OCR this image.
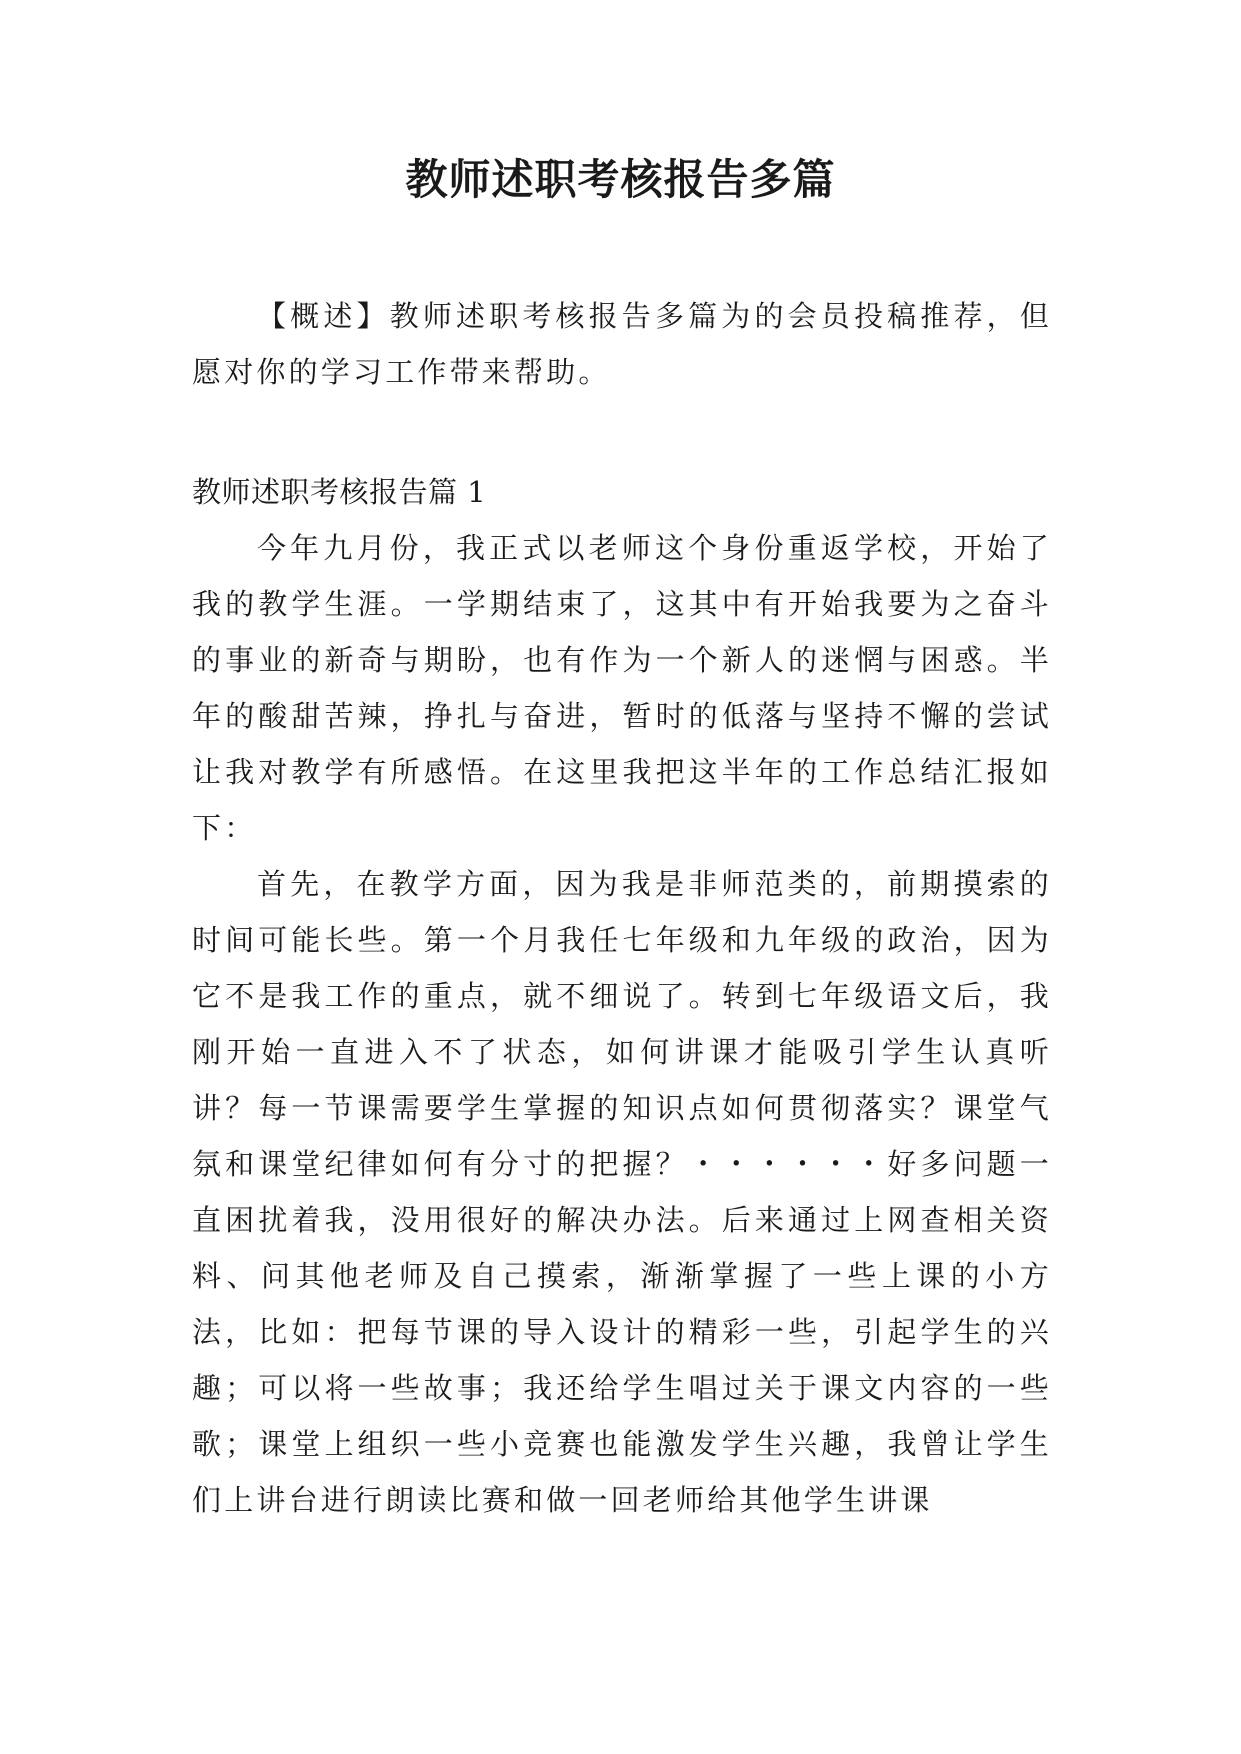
教师述职考核报告多篇

【概述】教师述职考核报告多篇为的会员投稿推荐，但愿对你的学习工作带来帮助。

教师述职考核报告篇 1

今年九月份，我正式以老师这个身份重返学校，开始了我的教学生涯。一学期结束了，这其中有开始我要为之奋斗的事业的新奇与期盼，也有作为一个新人的迷惘与困惑。半年的酸甜苦辣，挣扎与奋进，暂时的低落与坚持不懈的尝试让我对教学有所感悟。在这里我把这半年的工作总结汇报如下：

首先，在教学方面，因为我是非师范类的，前期摸索的时间可能长些。第一个月我任七年级和九年级的政治，因为它不是我工作的重点，就不细说了。转到七年级语文后，我刚开始一直进入不了状态，如何讲课才能吸引学生认真听讲？每一节课需要学生掌握的知识点如何贯彻落实？课堂气氛和课堂纪律如何有分寸的把握？・・・・・・好多问题一直困扰着我，没用很好的解决办法。后来通过上网查相关资料、问其他老师及自己摸索，渐渐掌握了一些上课的小方法，比如：把每节课的导入设计的精彩一些，引起学生的兴趣；可以将一些故事；我还给学生唱过关于课文内容的一些歌；课堂上组织一些小竞赛也能激发学生兴趣，我曾让学生们上讲台进行朗读比赛和做一回老师给其他学生讲课
